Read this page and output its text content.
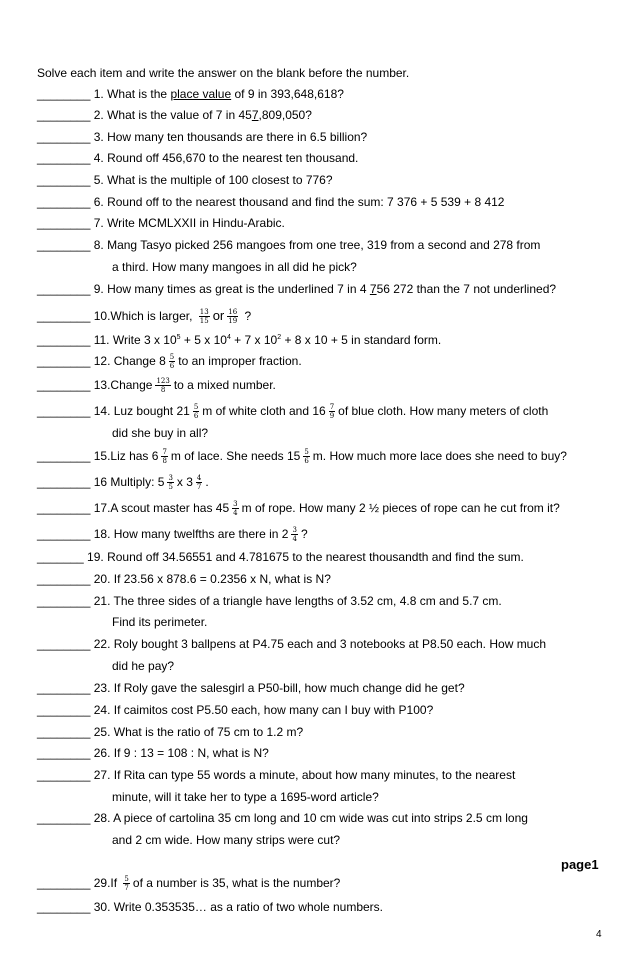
Solve each item and write the answer on the blank before the number.
________ 1. What is the place value of 9 in 393,648,618?
________ 2. What is the value of 7 in 457,809,050?
________ 3. How many ten thousands are there in 6.5 billion?
________ 4. Round off 456,670 to the nearest ten thousand.
________ 5. What is the multiple of 100 closest to 776?
________ 6. Round off to the nearest thousand and find the sum: 7 376 + 5 539 + 8 412
________ 7. Write MCMLXXII in Hindu-Arabic.
________ 8. Mang Tasyo picked 256 mangoes from one tree, 319 from a second and 278 from
a third. How many mangoes in all did he pick?
________ 9. How many times as great is the underlined 7 in 4 756 272 than the 7 not underlined?
________ 10.Which is larger, $\frac{13}{15}$ or $\frac{16}{19}$ ?
________ 11. Write 3 x $10^5 + 5$ x $10^4 + 7$ x $10^2 + 8$ x 10 + 5 in standard form.
________ 12. Change $8 \frac{5}{6}$ to an improper fraction.
________ 13.Change $\frac{123}{8}$ to a mixed number.
________ 14. Luz bought $21 \frac{5}{6}$ m of white cloth and $16 \frac{7}{9}$ of blue cloth. How many meters of cloth
did she buy in all?
________ 15.Liz has $6 \frac{7}{8}$ m of lace. She needs $15 \frac{5}{6} m$. How much more lace does she need to buy?
________ 16 Multiply: $5 \frac{3}{5}$ x $3 \frac{4}{7}$ .
________ 17.A scout master has $45 \frac{3}{4}$ m of rope. How many 2 ½ pieces of rope can he cut from it?
________ 18. How many twelfths are there in $2 \frac{3}{4}$ ?
_______ 19. Round off 34.56551 and 4.781675 to the nearest thousandth and find the sum.
________ 20. If 23.56 x 878.6 = 0.2356 x N, what is N?
________ 21. The three sides of a triangle have lengths of 3.52 cm, 4.8 cm and 5.7 cm.
Find its perimeter.
________ 22. Roly bought 3 ballpens at P4.75 each and 3 notebooks at P8.50 each. How much
did he pay?
________ 23. If Roly gave the salesgirl a P50-bill, how much change did he get?
________ 24. If caimitos cost P5.50 each, how many can I buy with P100?
________ 25. What is the ratio of 75 cm to 1.2 m?
________ 26. If 9 : 13 = 108 : N, what is N?
________ 27. If Rita can type 55 words a minute, about how many minutes, to the nearest
minute, will it take her to type a 1695-word article?
________ 28. A piece of cartolina 35 cm long and 10 cm wide was cut into strips 2.5 cm long
and 2 cm wide. How many strips were cut?
page1
________ $29.If \frac{5}{7}$ of a number is 35, what is the number?
________ 30. Write 0.353535… as a ratio of two whole numbers.
4
